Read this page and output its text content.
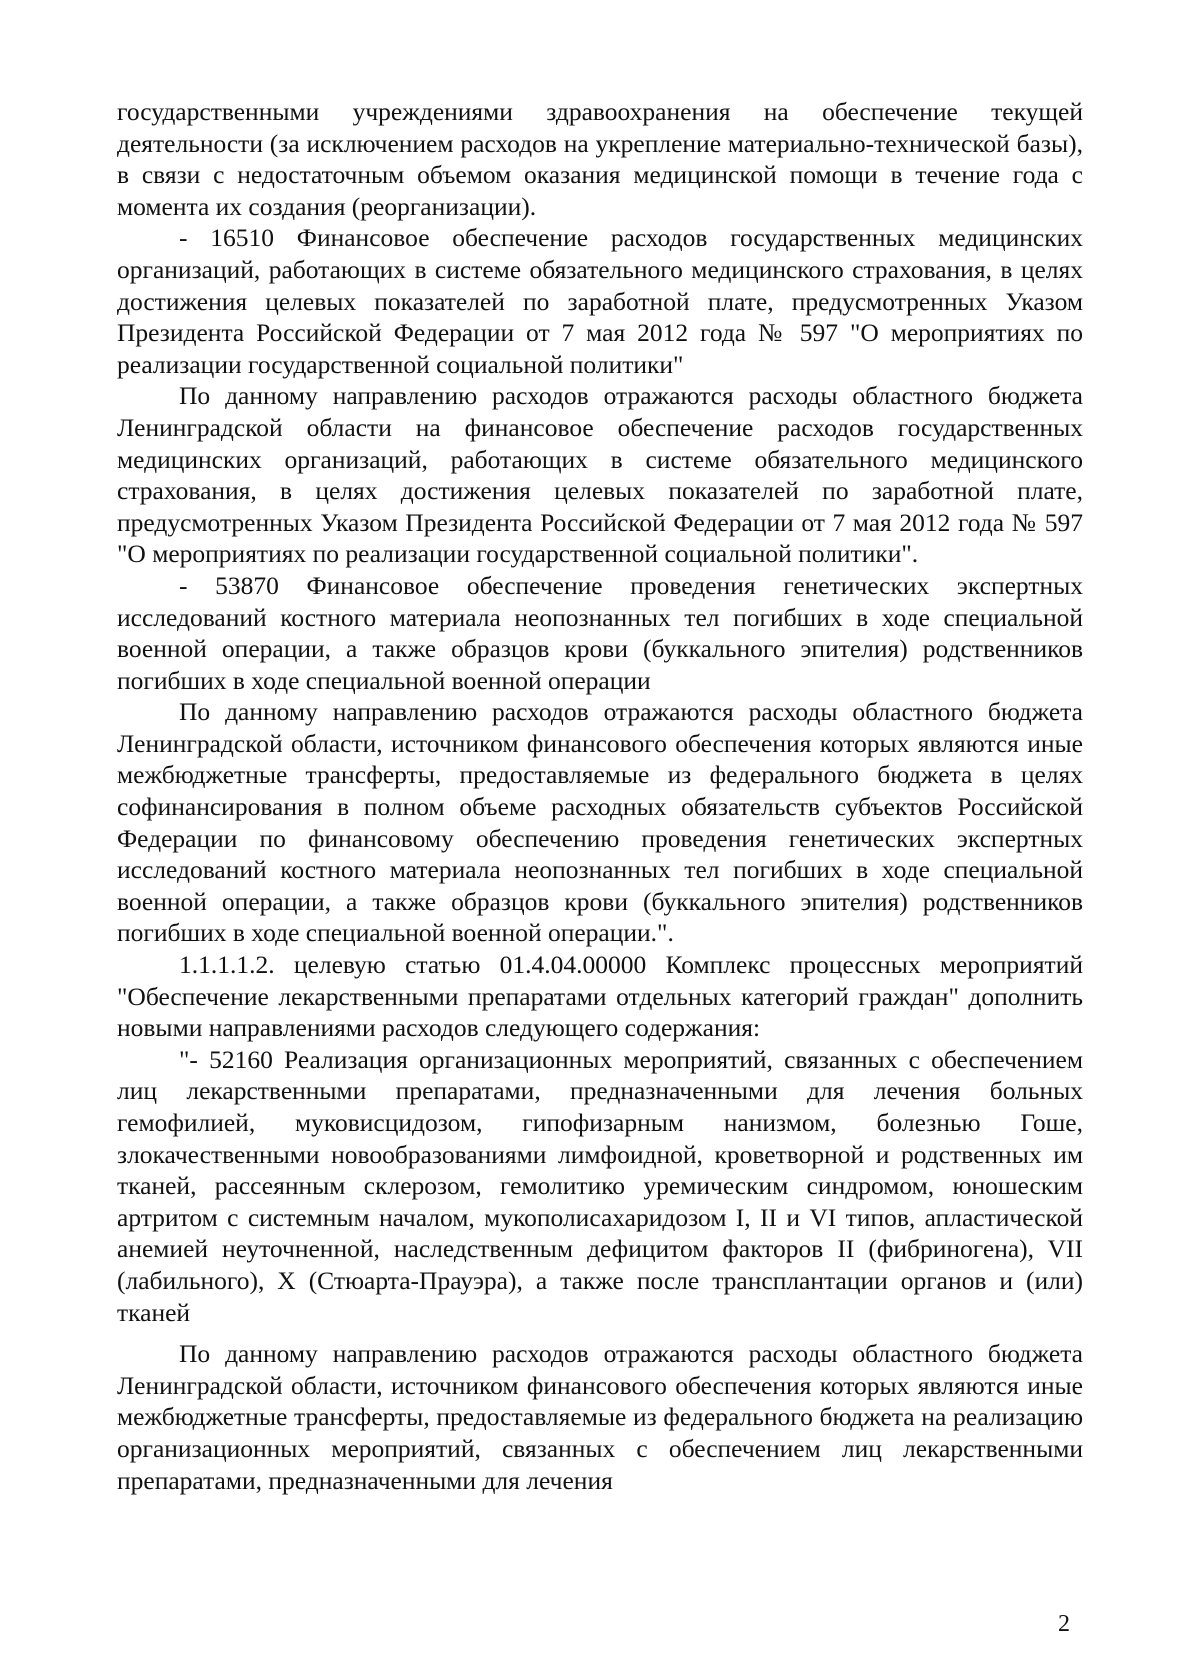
государственными учреждениями здравоохранения на обеспечение текущей деятельности (за исключением расходов на укрепление материально-технической базы), в связи с недостаточным объемом оказания медицинской помощи в течение года с момента их создания (реорганизации).

- 16510 Финансовое обеспечение расходов государственных медицинских организаций, работающих в системе обязательного медицинского страхования, в целях достижения целевых показателей по заработной плате, предусмотренных Указом Президента Российской Федерации от 7 мая 2012 года № 597 "О мероприятиях по реализации государственной социальной политики"

По данному направлению расходов отражаются расходы областного бюджета Ленинградской области на финансовое обеспечение расходов государственных медицинских организаций, работающих в системе обязательного медицинского страхования, в целях достижения целевых показателей по заработной плате, предусмотренных Указом Президента Российской Федерации от 7 мая 2012 года № 597 "О мероприятиях по реализации государственной социальной политики".

- 53870 Финансовое обеспечение проведения генетических экспертных исследований костного материала неопознанных тел погибших в ходе специальной военной операции, а также образцов крови (буккального эпителия) родственников погибших в ходе специальной военной операции

По данному направлению расходов отражаются расходы областного бюджета Ленинградской области, источником финансового обеспечения которых являются иные межбюджетные трансферты, предоставляемые из федерального бюджета в целях софинансирования в полном объеме расходных обязательств субъектов Российской Федерации по финансовому обеспечению проведения генетических экспертных исследований костного материала неопознанных тел погибших в ходе специальной военной операции, а также образцов крови (буккального эпителия) родственников погибших в ходе специальной военной операции.".

1.1.1.1.2. целевую статью 01.4.04.00000 Комплекс процессных мероприятий "Обеспечение лекарственными препаратами отдельных категорий граждан" дополнить новыми направлениями расходов следующего содержания:

"- 52160 Реализация организационных мероприятий, связанных с обеспечением лиц лекарственными препаратами, предназначенными для лечения больных гемофилией, муковисцидозом, гипофизарным нанизмом, болезнью Гоше, злокачественными новообразованиями лимфоидной, кроветворной и родственных им тканей, рассеянным склерозом, гемолитико уремическим синдромом, юношеским артритом с системным началом, мукополисахаридозом I, II и VI типов, апластической анемией неуточненной, наследственным дефицитом факторов II (фибриногена), VII (лабильного), X (Стюарта-Прауэра), а также после трансплантации органов и (или) тканей

По данному направлению расходов отражаются расходы областного бюджета Ленинградской области, источником финансового обеспечения которых являются иные межбюджетные трансферты, предоставляемые из федерального бюджета на реализацию организационных мероприятий, связанных с обеспечением лиц лекарственными препаратами, предназначенными для лечения

2
